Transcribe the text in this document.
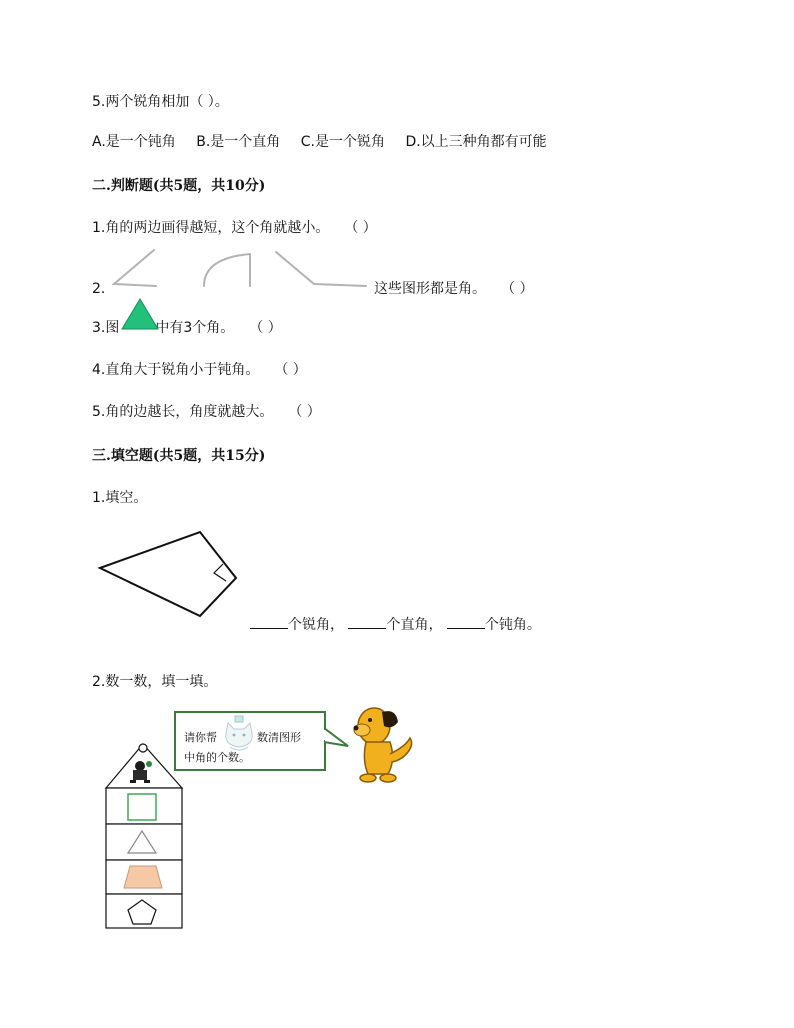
5.两个锐角相加（ ）。
A.是一个钝角 B.是一个直角 C.是一个锐角 D.以上三种角都有可能
二.判断题(共5题，共10分)
1.角的两边画得越短，这个角就越小。 （ ）
2.	这些图形都是角。 （ ）
3.图	中有3个角。 （ ）
4.直角大于锐角小于钝角。 （ ）
5.角的边越长，角度就越大。 （ ）
三.填空题(共5题，共15分)
1.填空。
个锐角，	个直角，	个钝角。
2.数一数，填一填。
请你帮	数清图形
中角的个数。
